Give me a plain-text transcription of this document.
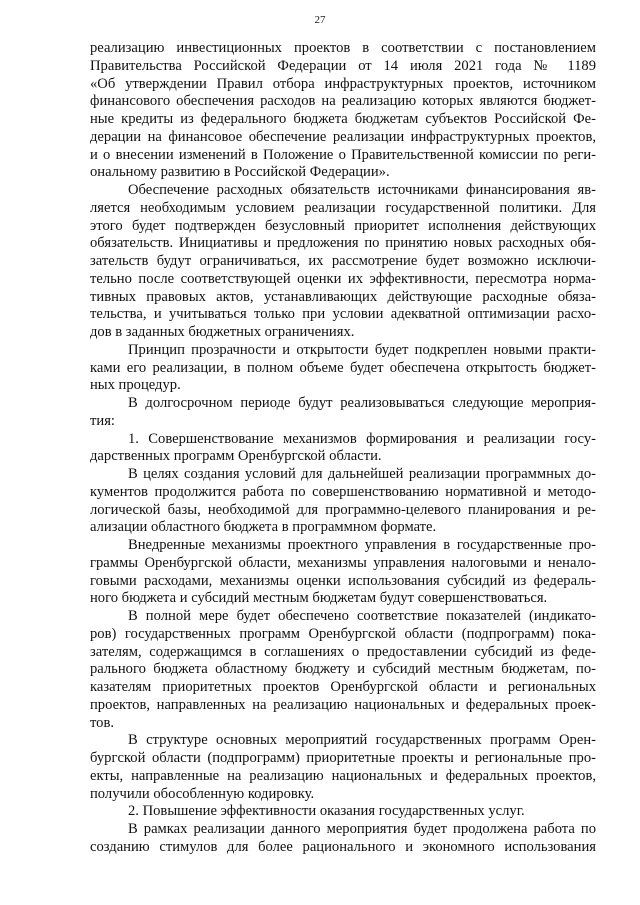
27
реализацию инвестиционных проектов в соответствии с постановлением
Правительства Российской Федерации от 14 июля 2021 года № 1189
«Об утверждении Правил отбора инфраструктурных проектов, источником
финансового обеспечения расходов на реализацию которых являются бюджет-
ные кредиты из федерального бюджета бюджетам субъектов Российской Фе-
дерации на финансовое обеспечение реализации инфраструктурных проектов,
и о внесении изменений в Положение о Правительственной комиссии по реги-
ональному развитию в Российской Федерации».
Обеспечение расходных обязательств источниками финансирования яв-
ляется необходимым условием реализации государственной политики. Для
этого будет подтвержден безусловный приоритет исполнения действующих
обязательств. Инициативы и предложения по принятию новых расходных обя-
зательств будут ограничиваться, их рассмотрение будет возможно исключи-
тельно после соответствующей оценки их эффективности, пересмотра норма-
тивных правовых актов, устанавливающих действующие расходные обяза-
тельства, и учитываться только при условии адекватной оптимизации расхо-
дов в заданных бюджетных ограничениях.
Принцип прозрачности и открытости будет подкреплен новыми практи-
ками его реализации, в полном объеме будет обеспечена открытость бюджет-
ных процедур.
В долгосрочном периоде будут реализовываться следующие мероприя-
тия:
1. Совершенствование механизмов формирования и реализации госу-
дарственных программ Оренбургской области.
В целях создания условий для дальнейшей реализации программных до-
кументов продолжится работа по совершенствованию нормативной и методо-
логической базы, необходимой для программно-целевого планирования и ре-
ализации областного бюджета в программном формате.
Внедренные механизмы проектного управления в государственные про-
граммы Оренбургской области, механизмы управления налоговыми и ненало-
говыми расходами, механизмы оценки использования субсидий из федераль-
ного бюджета и субсидий местным бюджетам будут совершенствоваться.
В полной мере будет обеспечено соответствие показателей (индикато-
ров) государственных программ Оренбургской области (подпрограмм) пока-
зателям, содержащимся в соглашениях о предоставлении субсидий из феде-
рального бюджета областному бюджету и субсидий местным бюджетам, по-
казателям приоритетных проектов Оренбургской области и региональных
проектов, направленных на реализацию национальных и федеральных проек-
тов.
В структуре основных мероприятий государственных программ Орен-
бургской области (подпрограмм) приоритетные проекты и региональные про-
екты, направленные на реализацию национальных и федеральных проектов,
получили обособленную кодировку.
2. Повышение эффективности оказания государственных услуг.
В рамках реализации данного мероприятия будет продолжена работа по
созданию стимулов для более рационального и экономного использования
